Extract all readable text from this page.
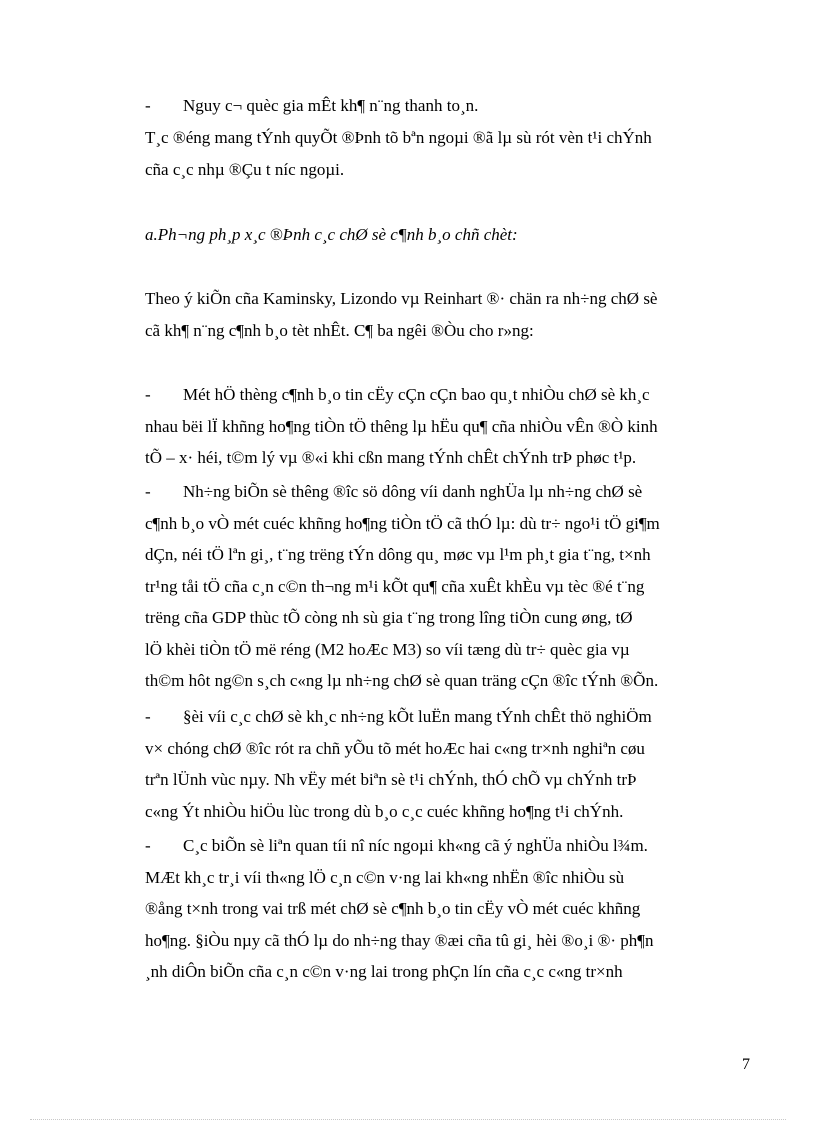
- Nguy c¬ quèc gia mÊt kh¶ n¨ng thanh to¸n.
T¸c ®éng mang tÝnh quyÕt ®Þnh tõ bªn ngoµi ®ã lµ sù rót vèn t¹i chÝnh
cña c¸c nhµ ®Çu t níc ngoµi.
a.Ph¬ng ph¸p x¸c ®Þnh c¸c chØ sè c¶nh b¸o chñ chèt:
Theo ý kiÕn cña Kaminsky, Lizondo vµ Reinhart ®· chän ra nh÷ng chØ sè
cã kh¶ n¨ng c¶nh b¸o tèt nhÊt. C¶ ba ngêi ®Òu cho r»ng:
- Mét hÖ thèng c¶nh b¸o tin cËy cÇn cÇn bao qu¸t nhiÒu chØ sè kh¸c
nhau bëi lÏ khñng ho¶ng tiÒn tÖ thêng lµ hËu qu¶ cña nhiÒu vÊn ®Ò kinh
tÕ – x· héi, t©m lý vµ ®«i khi cßn mang tÝnh chÊt chÝnh trÞ phøc t¹p.
- Nh÷ng biÕn sè thêng ®îc sö dông víi danh nghÜa lµ nh÷ng chØ sè
c¶nh b¸o vÒ mét cuéc khñng ho¶ng tiÒn tÖ cã thÓ lµ: dù tr÷ ngo¹i tÖ gi¶m
dÇn, néi tÖ lªn gi¸, t¨ng trëng tÝn dông qu¸ møc vµ l¹m ph¸t gia t¨ng, t×nh
tr¹ng tåi tÖ cña c¸n c©n th¬ng m¹i kÕt qu¶ cña xuÊt khÈu vµ tèc ®é t¨ng
trëng cña GDP thùc tÕ còng nh sù gia t¨ng trong lîng tiÒn cung øng, tØ
lÖ khèi tiÒn tÖ më réng (M2 hoÆc M3) so víi tæng dù tr÷ quèc gia vµ
th©m hôt ng©n s¸ch c«ng lµ nh÷ng chØ sè quan träng cÇn ®îc tÝnh ®Õn.
- §èi víi c¸c chØ sè kh¸c nh÷ng kÕt luËn mang tÝnh chÊt thö nghiÖm
v× chóng chØ ®îc rót ra chñ yÕu tõ mét hoÆc hai c«ng tr×nh nghiªn cøu
trªn lÜnh vùc nµy. Nh vËy mét biªn sè t¹i chÝnh, thÓ chÕ vµ chÝnh trÞ
c«ng Ýt nhiÒu hiÖu lùc trong dù b¸o c¸c cuéc khñng ho¶ng t¹i chÝnh.
- C¸c biÕn sè liªn quan tíi nî níc ngoµi kh«ng cã ý nghÜa nhiÒu l¾m.
MÆt kh¸c tr¸i víi th«ng lÖ c¸n c©n v·ng lai kh«ng nhËn ®îc nhiÒu sù
®ång t×nh trong vai trß mét chØ sè c¶nh b¸o tin cËy vÒ mét cuéc khñng
ho¶ng. §iÒu nµy cã thÓ lµ do nh÷ng thay ®æi cña tû gi¸ hèi ®o¸i ®· ph¶n
¸nh diÔn biÕn cña c¸n c©n v·ng lai trong phÇn lín cña c¸c c«ng tr×nh
7
